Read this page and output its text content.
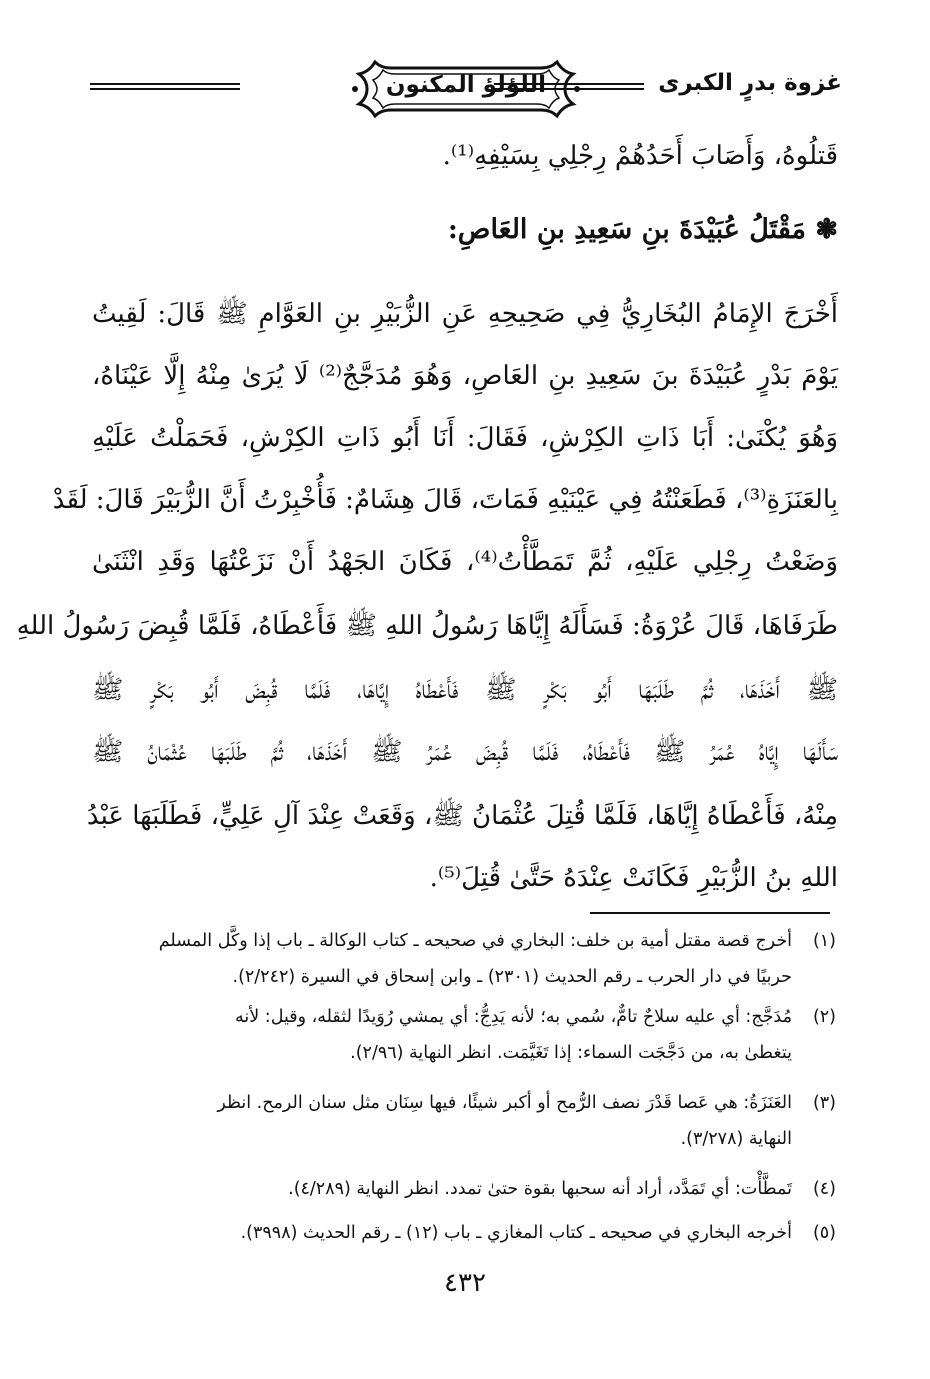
غزوة بدرٍ الكبرى
اللؤلؤ المكنون
قَتلُوهُ، وَأَصَابَ أَحَدُهُمْ رِجْلِي بِسَيْفِهِ⁽¹⁾.
❃ مَقْتَلُ عُبَيْدَةَ بنِ سَعِيدِ بنِ العَاصِ:
أَخْرَجَ الإِمَامُ البُخَارِيُّ فِي صَحِيحِهِ عَنِ الزُّبَيْرِ بنِ العَوَّامِ ﷺ قَالَ: لَقِيتُ
يَوْمَ بَدْرٍ عُبَيْدَةَ بنَ سَعِيدِ بنِ العَاصِ، وَهُوَ مُدَجَّجٌ⁽²⁾ لَا يُرَىٰ مِنْهُ إِلَّا عَيْنَاهُ،
وَهُوَ يُكْنَىٰ: أَبَا ذَاتِ الكِرْشِ، فَقَالَ: أَنَا أَبُو ذَاتِ الكِرْشِ، فَحَمَلْتُ عَلَيْهِ
بِالعَنَزَةِ⁽³⁾، فَطَعَنْتُهُ فِي عَيْنَيْهِ فَمَاتَ، قَالَ هِشَامٌ: فَأُخْبِرْتُ أَنَّ الزُّبَيْرَ قَالَ: لَقَدْ
وَضَعْتُ رِجْلِي عَلَيْهِ، ثُمَّ تَمَطَّأْتُ⁽⁴⁾، فَكَانَ الجَهْدُ أَنْ نَزَعْتُهَا وَقَدِ انْثَنَىٰ
طَرَفَاهَا، قَالَ عُرْوَةُ: فَسَأَلَهُ إِيَّاهَا رَسُولُ اللهِ ﷺ فَأَعْطَاهُ، فَلَمَّا قُبِضَ رَسُولُ اللهِ
ﷺ أَخَذَهَا، ثُمَّ طَلَبَهَا أَبُو بَكْرٍ ﷺ فَأَعْطَاهُ إِيَّاهَا، فَلَمَّا قُبِضَ أَبُو بَكْرٍ ﷺ
سَأَلَهَا إِيَّاهُ عُمَرُ ﷺ فَأَعْطَاهُ، فَلَمَّا قُبِضَ عُمَرُ ﷺ أَخَذَهَا، ثُمَّ طَلَبَهَا عُثْمَانُ ﷺ
مِنْهُ، فَأَعْطَاهُ إِيَّاهَا، فَلَمَّا قُتِلَ عُثْمَانُ ﷺ، وَقَعَتْ عِنْدَ آلِ عَلِيٍّ، فَطَلَبَهَا عَبْدُ
اللهِ بنُ الزُّبَيْرِ فَكَانَتْ عِنْدَهُ حَتَّىٰ قُتِلَ⁽⁵⁾.
(١)أخرج قصة مقتل أمية بن خلف: البخاري في صحيحه ـ كتاب الوكالة ـ باب إذا وكَّل المسلم
حربيًا في دار الحرب ـ رقم الحديث (٢٣٠١) ـ وابن إسحاق في السيرة (٢/٢٤٢).
(٢)مُدَجَّج: أي عليه سلاحٌ تامٌّ، سُمي به؛ لأنه يَدِجُّ: أي يمشي رُوَيدًا لثقله، وقيل: لأنه
يتغطىٰ به، من دَجَّجَت السماء: إذا تَغَيَّمَت. انظر النهاية (٢/٩٦).
(٣)العَنَزَةُ: هي عَصا قَدْرَ نصف الرُّمح أو أكبر شيئًا، فيها سِنَان مثل سنان الرمح. انظر
النهاية (٣/٢٧٨).
(٤)تَمطَّأْت: أي تَمَدَّد، أراد أنه سحبها بقوة حتىٰ تمدد. انظر النهاية (٤/٢٨٩).
(٥)أخرجه البخاري في صحيحه ـ كتاب المغازي ـ باب (١٢) ـ رقم الحديث (٣٩٩٨).
٤٣٢
